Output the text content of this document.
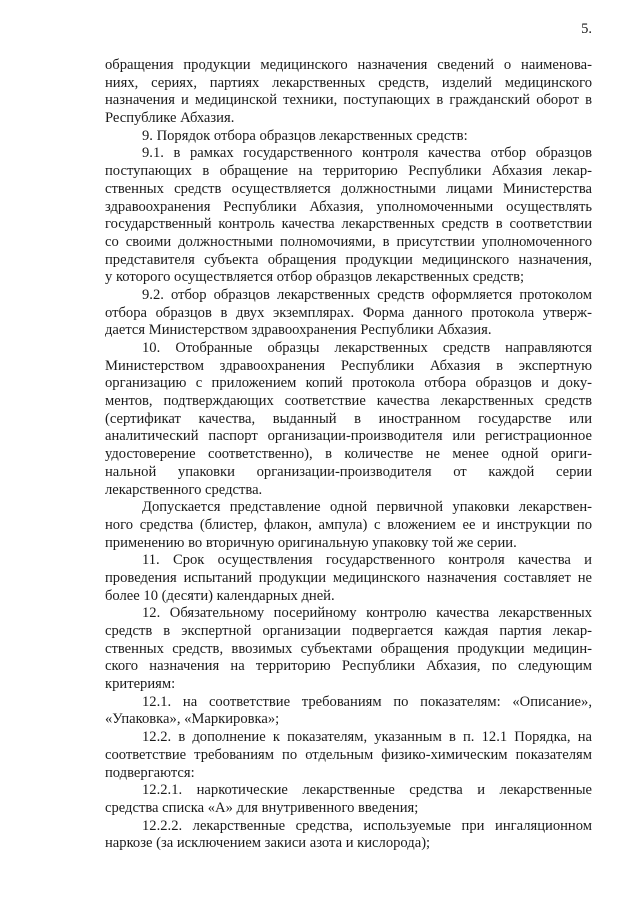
5.
обращения продукции медицинского назначения сведений о наименова-
ниях, сериях, партиях лекарственных средств, изделий медицинского
назначения и медицинской техники, поступающих в гражданский оборот в
Республике Абхазия.
9. Порядок отбора образцов лекарственных средств:
9.1. в рамках государственного контроля качества отбор образцов
поступающих в обращение на территорию Республики Абхазия лекар-
ственных средств осуществляется должностными лицами Министерства
здравоохранения Республики Абхазия, уполномоченными осуществлять
государственный контроль качества лекарственных средств в соответствии
со своими должностными полномочиями, в присутствии уполномоченного
представителя субъекта обращения продукции медицинского назначения,
у которого осуществляется отбор образцов лекарственных средств;
9.2. отбор образцов лекарственных средств оформляется протоколом
отбора образцов в двух экземплярах. Форма данного протокола утверж-
дается Министерством здравоохранения Республики Абхазия.
10. Отобранные образцы лекарственных средств направляются
Министерством здравоохранения Республики Абхазия в экспертную
организацию с приложением копий протокола отбора образцов и доку-
ментов, подтверждающих соответствие качества лекарственных средств
(сертификат качества, выданный в иностранном государстве или
аналитический паспорт организации-производителя или регистрационное
удостоверение соответственно), в количестве не менее одной ориги-
нальной упаковки организации-производителя от каждой серии
лекарственного средства.
Допускается представление одной первичной упаковки лекарствен-
ного средства (блистер, флакон, ампула) с вложением ее и инструкции по
применению во вторичную оригинальную упаковку той же серии.
11. Срок осуществления государственного контроля качества и
проведения испытаний продукции медицинского назначения составляет не
более 10 (десяти) календарных дней.
12. Обязательному посерийному контролю качества лекарственных
средств в экспертной организации подвергается каждая партия лекар-
ственных средств, ввозимых субъектами обращения продукции медицин-
ского назначения на территорию Республики Абхазия, по следующим
критериям:
12.1. на соответствие требованиям по показателям: «Описание»,
«Упаковка», «Маркировка»;
12.2. в дополнение к показателям, указанным в п. 12.1 Порядка, на
соответствие требованиям по отдельным физико-химическим показателям
подвергаются:
12.2.1. наркотические лекарственные средства и лекарственные
средства списка «А» для внутривенного введения;
12.2.2. лекарственные средства, используемые при ингаляционном
наркозе (за исключением закиси азота и кислорода);
